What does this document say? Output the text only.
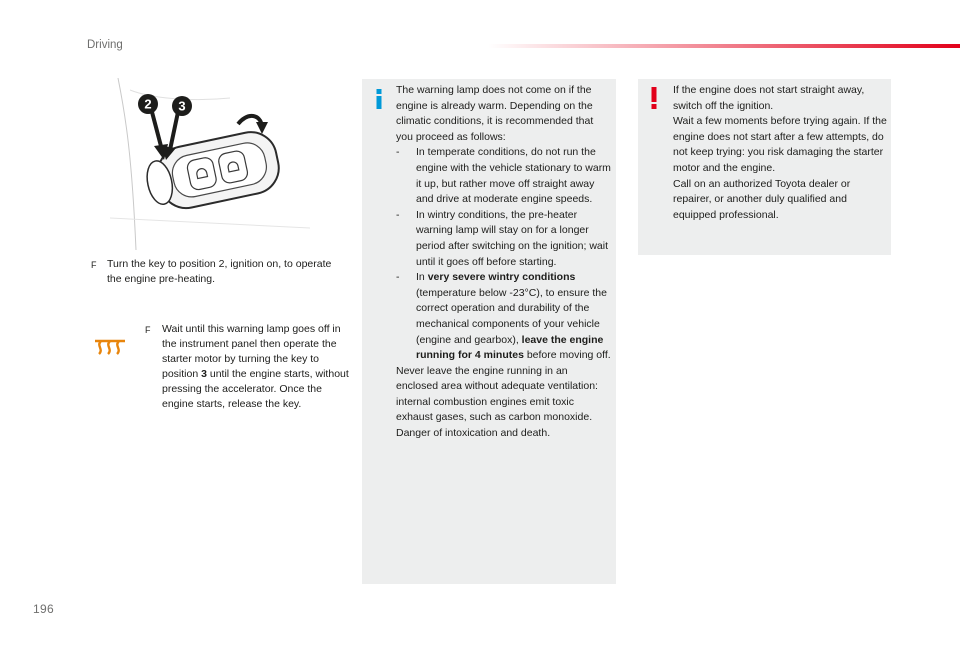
Driving
2 3
F Turn the key to position 2, ignition on, to operate the engine pre-heating.
F Wait until this warning lamp goes off in the instrument panel then operate the starter motor by turning the key to position 3 until the engine starts, without pressing the accelerator. Once the engine starts, release the key.
The warning lamp does not come on if the engine is already warm. Depending on the climatic conditions, it is recommended that you proceed as follows:
- In temperate conditions, do not run the engine with the vehicle stationary to warm it up, but rather move off straight away and drive at moderate engine speeds.
- In wintry conditions, the pre-heater warning lamp will stay on for a longer period after switching on the ignition; wait until it goes off before starting.
- In very severe wintry conditions (temperature below -23°C), to ensure the correct operation and durability of the mechanical components of your vehicle (engine and gearbox), leave the engine running for 4 minutes before moving off.
Never leave the engine running in an enclosed area without adequate ventilation: internal combustion engines emit toxic exhaust gases, such as carbon monoxide. Danger of intoxication and death.
If the engine does not start straight away, switch off the ignition.
Wait a few moments before trying again. If the engine does not start after a few attempts, do not keep trying: you risk damaging the starter motor and the engine.
Call on an authorized Toyota dealer or repairer, or another duly qualified and equipped professional.
196
